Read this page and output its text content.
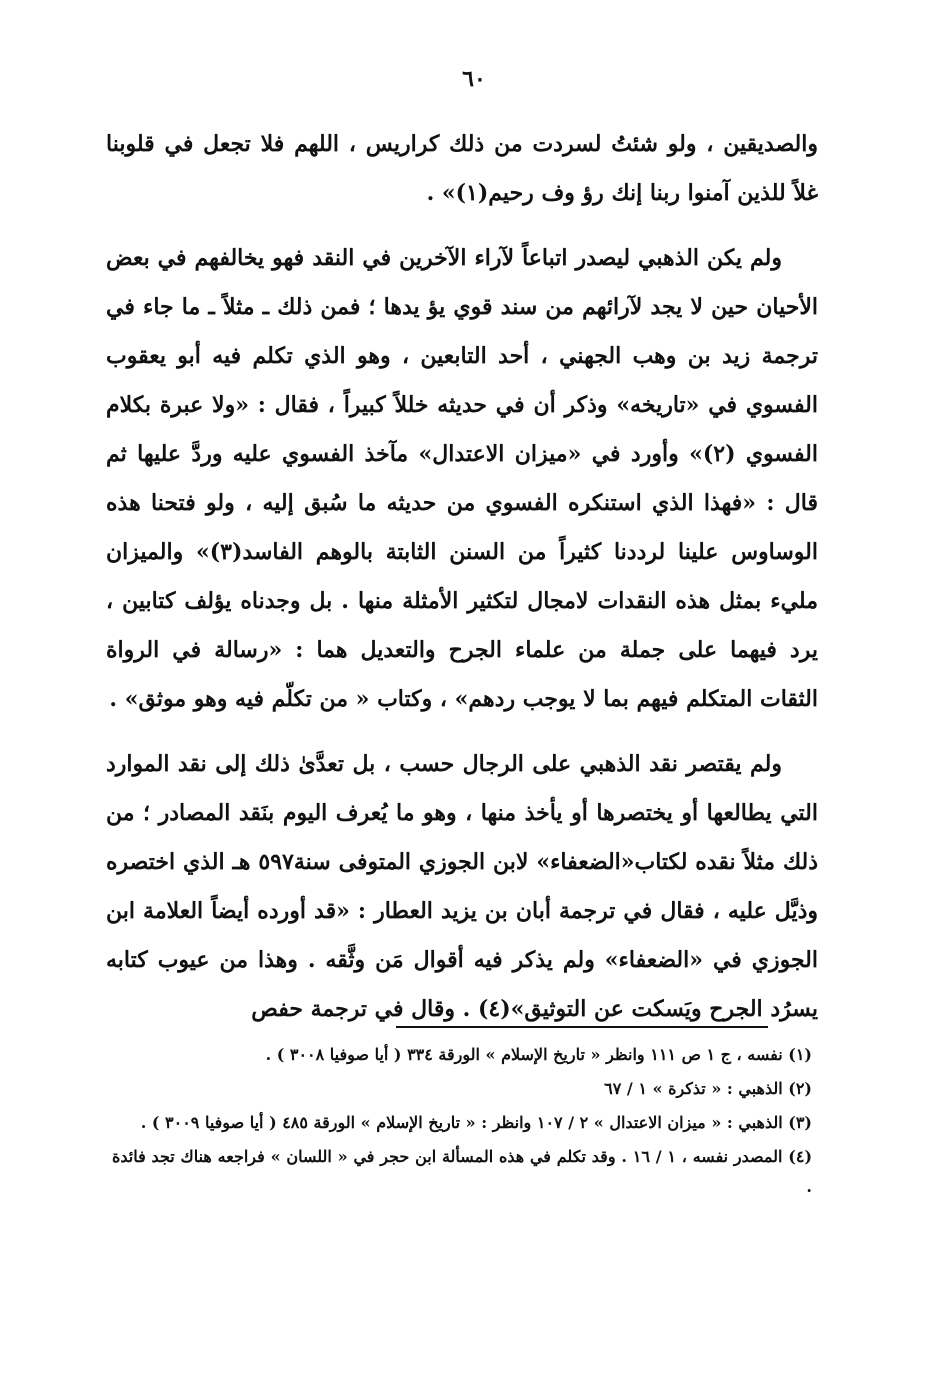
٦٠

والصديقين ، ولو شئتُ لسردت من ذلك كراريس ، اللهم فلا تجعل في قلوبنا غلاً للذين آمنوا ربنا إنك رؤ وف رحيم(١)» .

ولم يكن الذهبي ليصدر اتباعاً لآراء الآخرين في النقد فهو يخالفهم في بعض الأحيان حين لا يجد لآرائهم من سند قوي يؤ يدها ؛ فمن ذلك ـ مثلاً ـ ما جاء في ترجمة زيد بن وهب الجهني ، أحد التابعين ، وهو الذي تكلم فيه أبو يعقوب الفسوي في «تاريخه» وذكر أن في حديثه خللاً كبيراً ، فقال : «ولا عبرة بكلام الفسوي (٢)» وأورد في «ميزان الاعتدال» مآخذ الفسوي عليه وردَّ عليها ثم قال : «فهذا الذي استنكره الفسوي من حديثه ما سُبق إليه ، ولو فتحنا هذه الوساوس علينا لرددنا كثيراً من السنن الثابتة بالوهم الفاسد(٣)» والميزان مليء بمثل هذه النقدات لامجال لتكثير الأمثلة منها . بل وجدناه يؤلف كتابين ، يرد فيهما على جملة من علماء الجرح والتعديل هما : «رسالة في الرواة الثقات المتكلم فيهم بما لا يوجب ردهم» ، وكتاب « من تكلّم فيه وهو موثق» .

ولم يقتصر نقد الذهبي على الرجال حسب ، بل تعدَّىٰ ذلك إلى نقد الموارد التي يطالعها أو يختصرها أو يأخذ منها ، وهو ما يُعرف اليوم بنَقد المصادر ؛ من ذلك مثلاً نقده لكتاب«الضعفاء» لابن الجوزي المتوفى سنة٥٩٧ هـ الذي اختصره وذيَّل عليه ، فقال في ترجمة أبان بن يزيد العطار : «قد أورده أيضاً العلامة ابن الجوزي في «الضعفاء» ولم يذكر فيه أقوال مَن وثَّقه . وهذا من عيوب كتابه يسرُد الجرح ويَسكت عن التوثيق»(٤) . وقال في ترجمة حفص

(١) نفسه ، ج ١ ص ١١١ وانظر « تاريخ الإسلام » الورقة ٣٣٤ ( أيا صوفيا ٣٠٠٨ ) .

(٢) الذهبي : « تذكرة » ١ / ٦٧

(٣) الذهبي : « ميزان الاعتدال » ٢ / ١٠٧ وانظر : « تاريخ الإسلام » الورقة ٤٨٥ ( أيا صوفيا ٣٠٠٩ ) .

(٤) المصدر نفسه ، ١ / ١٦ . وقد تكلم في هذه المسألة ابن حجر في « اللسان » فراجعه هناك تجد فائدة .
